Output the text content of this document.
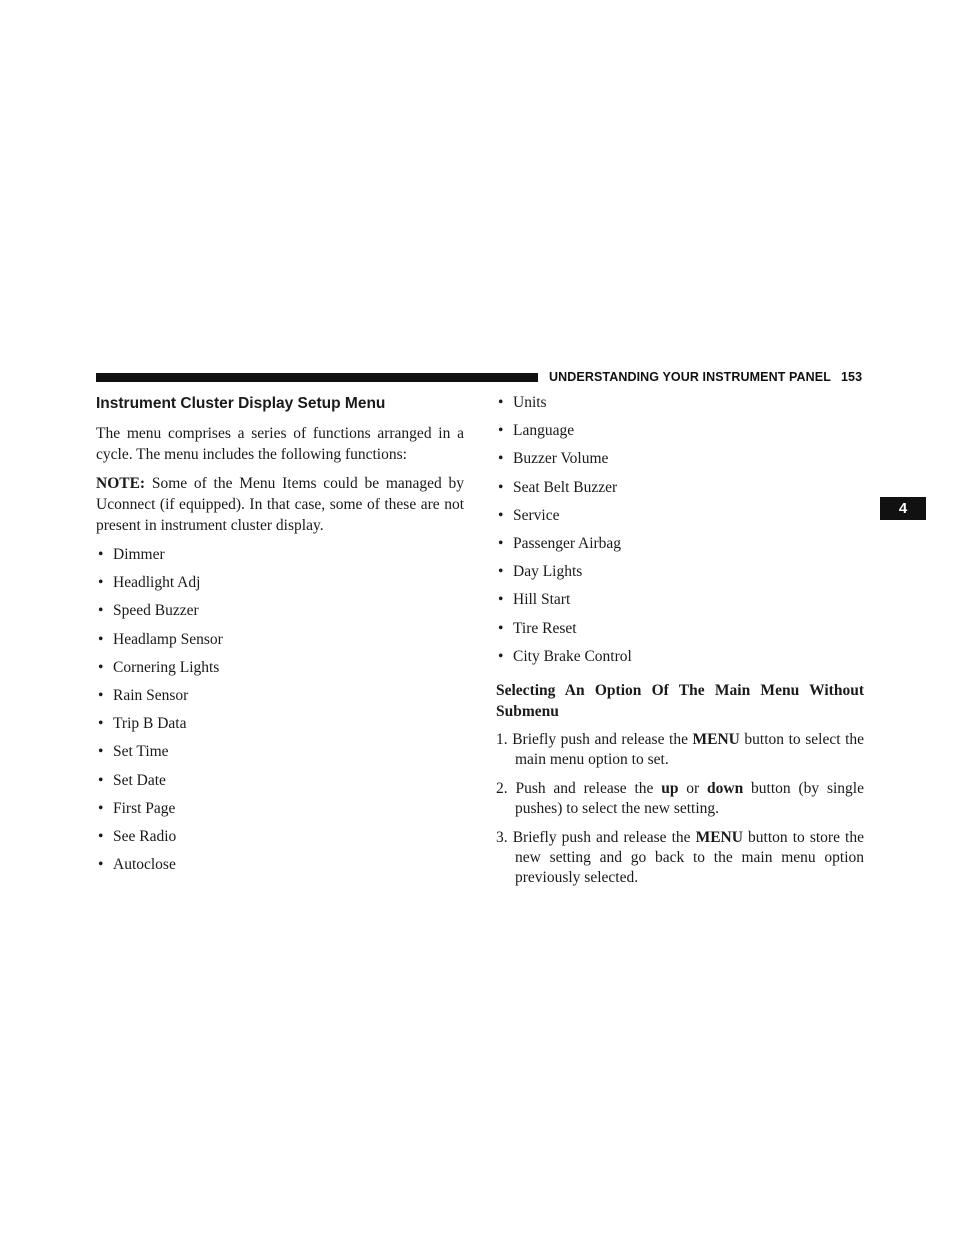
UNDERSTANDING YOUR INSTRUMENT PANEL 153
4
Instrument Cluster Display Setup Menu

The menu comprises a series of functions arranged in a cycle. The menu includes the following functions:

NOTE: Some of the Menu Items could be managed by Uconnect (if equipped). In that case, some of these are not present in instrument cluster display.

• Dimmer
• Headlight Adj
• Speed Buzzer
• Headlamp Sensor
• Cornering Lights
• Rain Sensor
• Trip B Data
• Set Time
• Set Date
• First Page
• See Radio
• Autoclose
• Units
• Language
• Buzzer Volume
• Seat Belt Buzzer
• Service
• Passenger Airbag
• Day Lights
• Hill Start
• Tire Reset
• City Brake Control
Selecting An Option Of The Main Menu Without Submenu
1. Briefly push and release the MENU button to select the main menu option to set.
2. Push and release the up or down button (by single pushes) to select the new setting.
3. Briefly push and release the MENU button to store the new setting and go back to the main menu option previously selected.
